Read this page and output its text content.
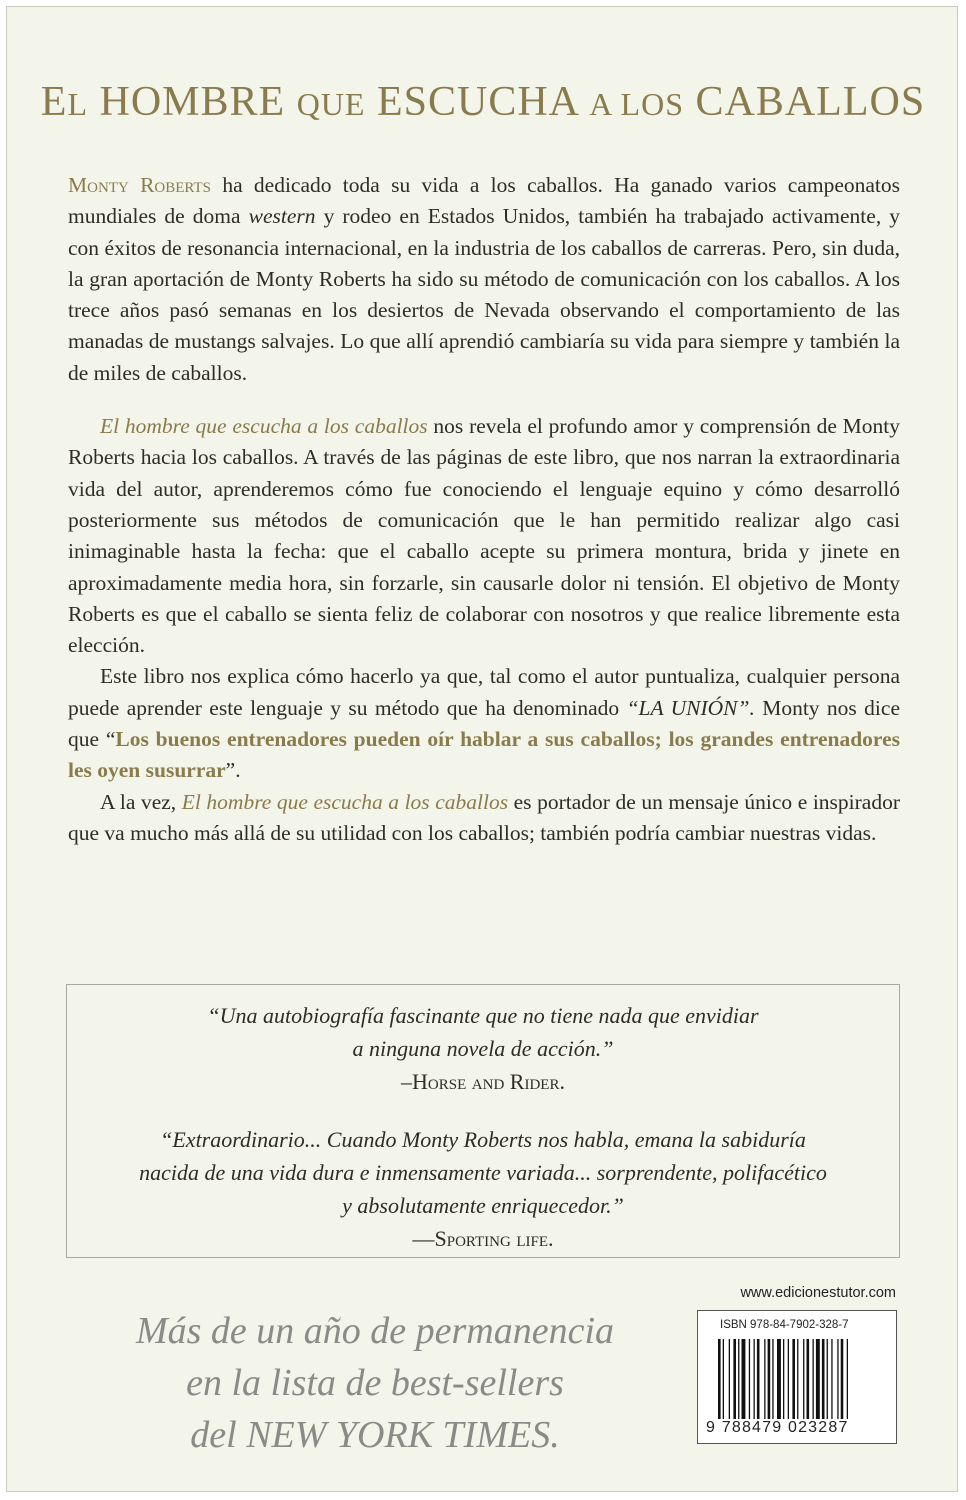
EL HOMBRE QUE ESCUCHA A LOS CABALLOS

Monty Roberts ha dedicado toda su vida a los caballos. Ha ganado varios campeonatos mundiales de doma western y rodeo en Estados Unidos, también ha trabajado activamente, y con éxitos de resonancia internacional, en la industria de los caballos de carreras. Pero, sin duda, la gran aportación de Monty Roberts ha sido su método de comunicación con los caballos. A los trece años pasó semanas en los desiertos de Nevada observando el comportamiento de las manadas de mustangs salvajes. Lo que allí aprendió cambiaría su vida para siempre y también la de miles de caballos.

El hombre que escucha a los caballos nos revela el profundo amor y comprensión de Monty Roberts hacia los caballos. A través de las páginas de este libro, que nos narran la extraordinaria vida del autor, aprenderemos cómo fue conociendo el lenguaje equino y cómo desarrolló posteriormente sus métodos de comunicación que le han permitido realizar algo casi inimaginable hasta la fecha: que el caballo acepte su primera montura, brida y jinete en aproximadamente media hora, sin forzarle, sin causarle dolor ni tensión. El objetivo de Monty Roberts es que el caballo se sienta feliz de colaborar con nosotros y que realice libremente esta elección.

Este libro nos explica cómo hacerlo ya que, tal como el autor puntualiza, cualquier persona puede aprender este lenguaje y su método que ha denominado “LA UNIÓN”. Monty nos dice que “Los buenos entrenadores pueden oír hablar a sus caballos; los grandes entrenadores les oyen susurrar”.

A la vez, El hombre que escucha a los caballos es portador de un mensaje único e inspirador que va mucho más allá de su utilidad con los caballos; también podría cambiar nuestras vidas.

“Una autobiografía fascinante que no tiene nada que envidiar
a ninguna novela de acción.”
–Horse and Rider.
“Extraordinario... Cuando Monty Roberts nos habla, emana la sabiduría
nacida de una vida dura e inmensamente variada... sorprendente, polifacético
y absolutamente enriquecedor.”
—Sporting life.
Más de un año de permanencia
en la lista de best-sellers
del NEW YORK TIMES.
www.edicionestutor.com
ISBN 978-84-7902-328-7
9 788479 023287
